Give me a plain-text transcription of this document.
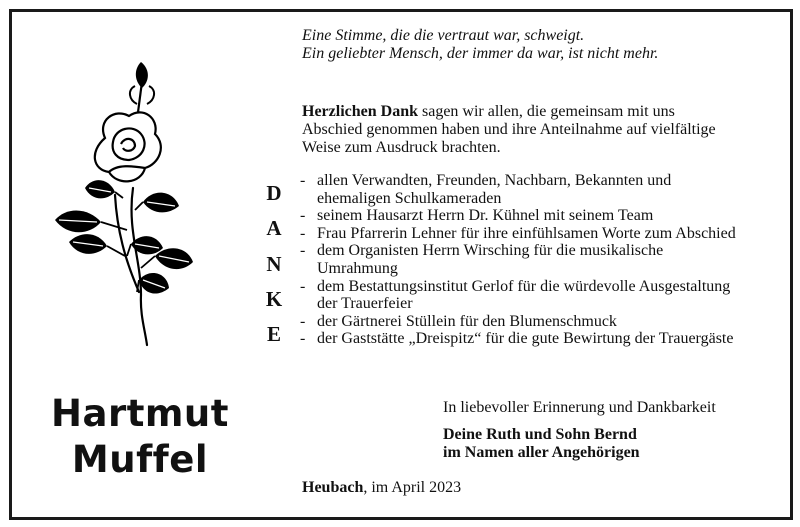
Hartmut
Muffel
Eine Stimme, die die vertraut war, schweigt.
Ein geliebter Mensch, der immer da war, ist nicht mehr.
Herzlichen Dank sagen wir allen, die gemeinsam mit uns Abschied genommen haben und ihre Anteilnahme auf vielfältige Weise zum Ausdruck brachten.
D
A
N
K
E
- allen Verwandten, Freunden, Nachbarn, Bekannten und ehemaligen Schulkameraden
- seinem Hausarzt Herrn Dr. Kühnel mit seinem Team
- Frau Pfarrerin Lehner für ihre einfühlsamen Worte zum Abschied
- dem Organisten Herrn Wirsching für die musikalische Umrahmung
- dem Bestattungsinstitut Gerlof für die würdevolle Ausgestaltung der Trauerfeier
- der Gärtnerei Stüllein für den Blumenschmuck
- der Gaststätte „Dreispitz“ für die gute Bewirtung der Trauergäste
In liebevoller Erinnerung und Dankbarkeit
Deine Ruth und Sohn Bernd
im Namen aller Angehörigen
Heubach, im April 2023
